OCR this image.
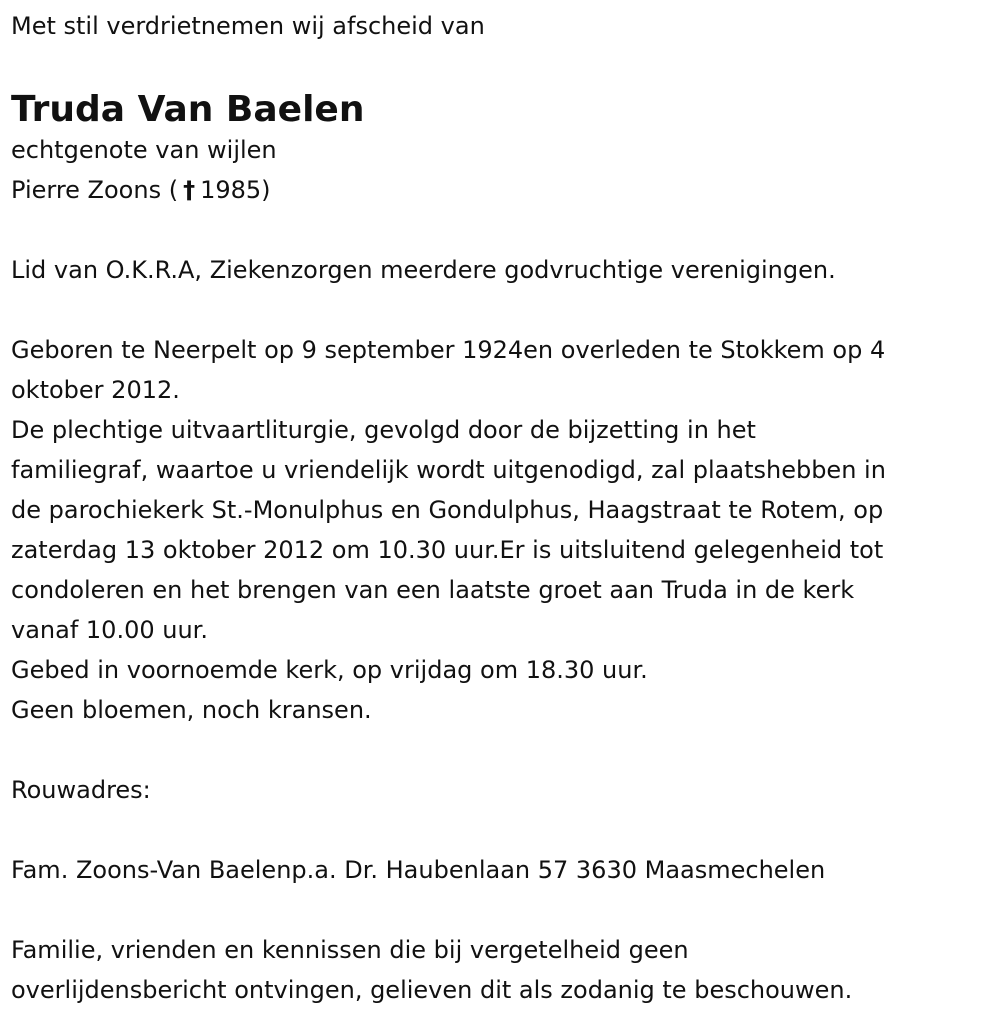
Met stil verdrietnemen wij afscheid van
Truda Van Baelen
echtgenote van wijlen
Pierre Zoons ( † 1985)
Lid van O.K.R.A, Ziekenzorgen meerdere godvruchtige verenigingen.
Geboren te Neerpelt op 9 september 1924en overleden te Stokkem op 4
oktober 2012.
De plechtige uitvaartliturgie, gevolgd door de bijzetting in het
familiegraf, waartoe u vriendelijk wordt uitgenodigd, zal plaatshebben in
de parochiekerk St.-Monulphus en Gondulphus, Haagstraat te Rotem, op
zaterdag 13 oktober 2012 om 10.30 uur.Er is uitsluitend gelegenheid tot
condoleren en het brengen van een laatste groet aan Truda in de kerk
vanaf 10.00 uur.
Gebed in voornoemde kerk, op vrijdag om 18.30 uur.
Geen bloemen, noch kransen.
Rouwadres:
Fam. Zoons-Van Baelenp.a. Dr. Haubenlaan 57 3630 Maasmechelen
Familie, vrienden en kennissen die bij vergetelheid geen
overlijdensbericht ontvingen, gelieven dit als zodanig te beschouwen.
